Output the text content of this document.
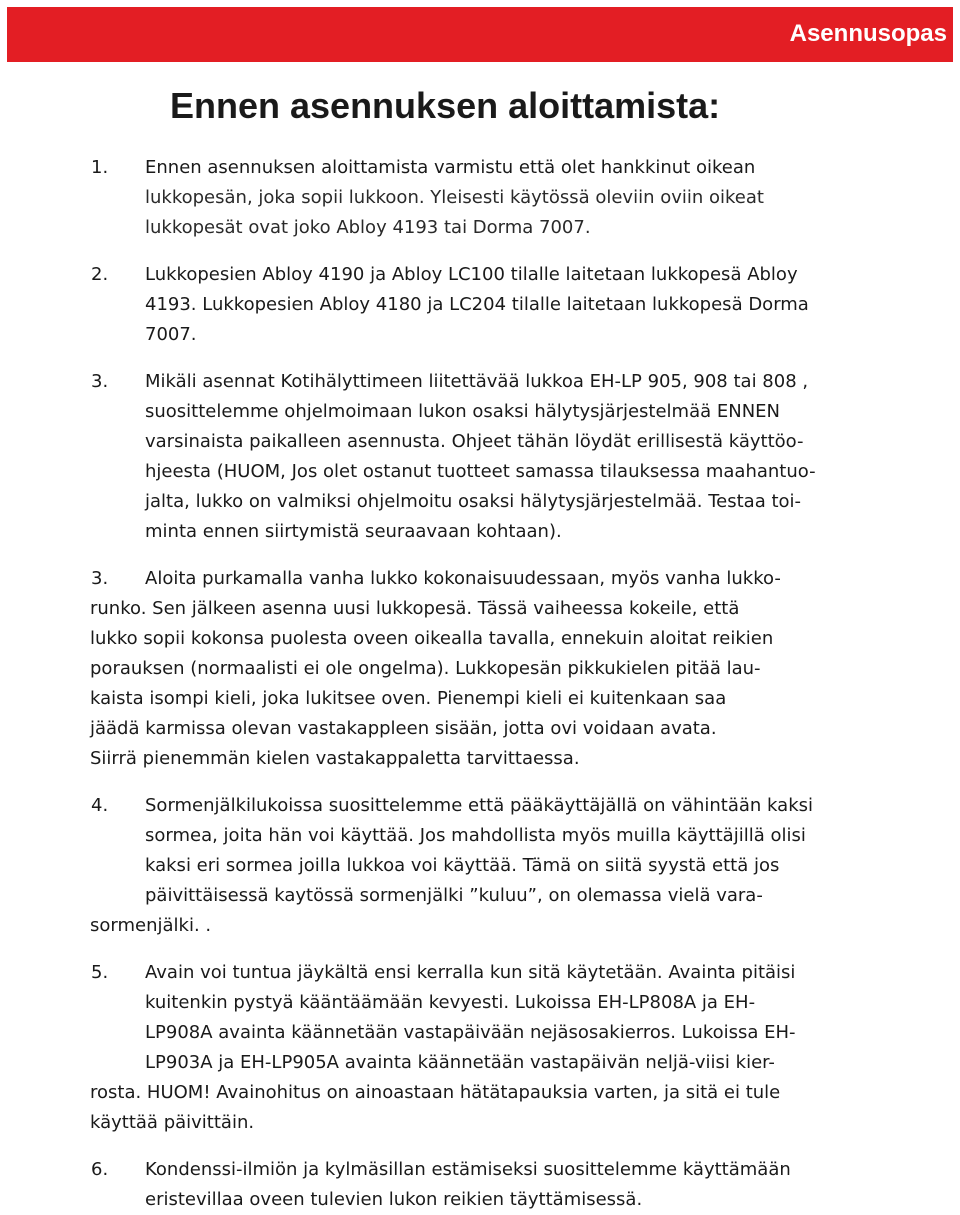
Asennusopas
Ennen asennuksen aloittamista:
1. Ennen asennuksen aloittamista varmistu että olet hankkinut oikean
lukkopesän, joka sopii lukkoon. Yleisesti käytössä oleviin oviin oikeat
lukkopesät ovat joko Abloy 4193 tai Dorma 7007.
2. Lukkopesien Abloy 4190 ja Abloy LC100 tilalle laitetaan lukkopesä Abloy
4193. Lukkopesien Abloy 4180 ja LC204 tilalle laitetaan lukkopesä Dorma
7007.
3. Mikäli asennat Kotihälyttimeen liitettävää lukkoa EH-LP 905, 908 tai 808 ,
suosittelemme ohjelmoimaan lukon osaksi hälytysjärjestelmää ENNEN
varsinaista paikalleen asennusta. Ohjeet tähän löydät erillisestä käyttöo-
hjeesta (HUOM, Jos olet ostanut tuotteet samassa tilauksessa maahantuo-
jalta, lukko on valmiksi ohjelmoitu osaksi hälytysjärjestelmää. Testaa toi-
minta ennen siirtymistä seuraavaan kohtaan).
3. Aloita purkamalla vanha lukko kokonaisuudessaan, myös vanha lukko-
runko. Sen jälkeen asenna uusi lukkopesä. Tässä vaiheessa kokeile, että
lukko sopii kokonsa puolesta oveen oikealla tavalla, ennekuin aloitat reikien
porauksen (normaalisti ei ole ongelma). Lukkopesän pikkukielen pitää lau-
kaista isompi kieli, joka lukitsee oven. Pienempi kieli ei kuitenkaan saa
jäädä karmissa olevan vastakappleen sisään, jotta ovi voidaan avata.
Siirrä pienemmän kielen vastakappaletta tarvittaessa.
4. Sormenjälkilukoissa suosittelemme että pääkäyttäjällä on vähintään kaksi
sormea, joita hän voi käyttää. Jos mahdollista myös muilla käyttäjillä olisi
kaksi eri sormea joilla lukkoa voi käyttää. Tämä on siitä syystä että jos
päivittäisessä kaytössä sormenjälki ”kuluu”, on olemassa vielä vara-
sormenjälki. .
5. Avain voi tuntua jäykältä ensi kerralla kun sitä käytetään. Avainta pitäisi
kuitenkin pystyä kääntäämään kevyesti. Lukoissa EH-LP808A ja EH-
LP908A avainta käännetään vastapäivään nejäsosakierros. Lukoissa EH-
LP903A ja EH-LP905A avainta käännetään vastapäivän neljä-viisi kier-
rosta. HUOM! Avainohitus on ainoastaan hätätapauksia varten, ja sitä ei tule
käyttää päivittäin.
6. Kondenssi-ilmiön ja kylmäsillan estämiseksi suosittelemme käyttämään
eristevillaa oveen tulevien lukon reikien täyttämisessä.
